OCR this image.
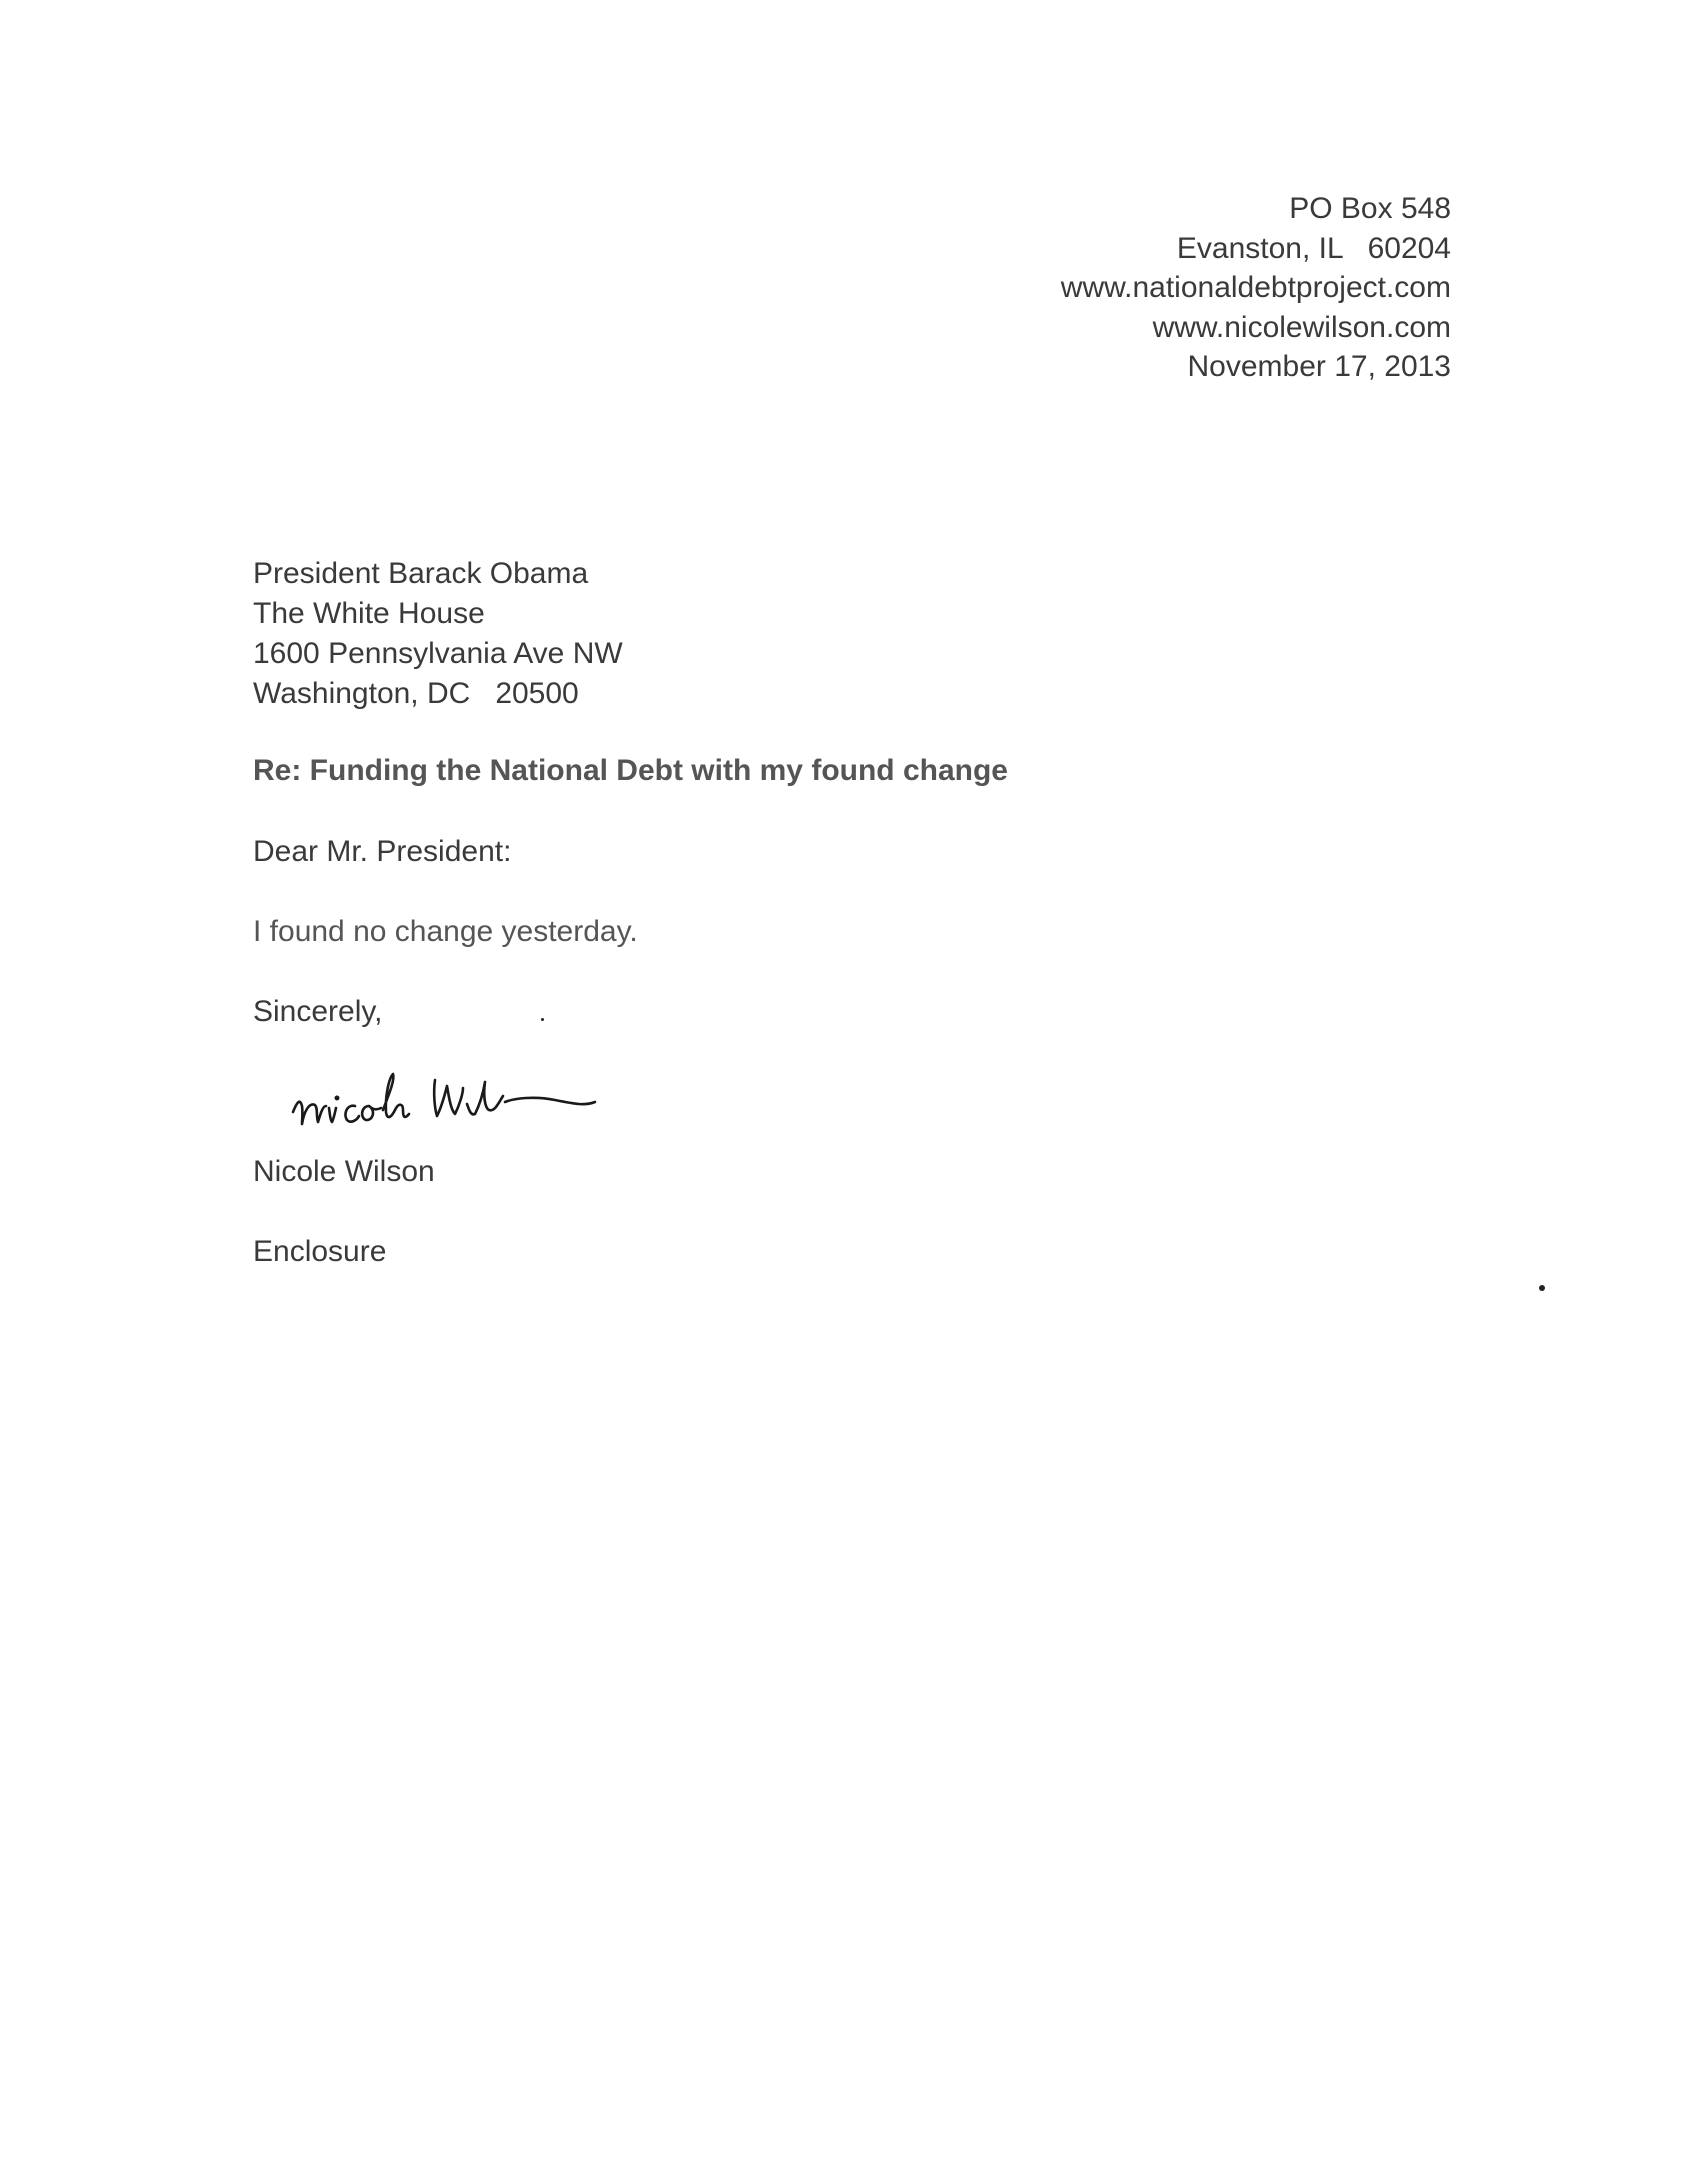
PO Box 548
Evanston, IL   60204
www.nationaldebtproject.com
www.nicolewilson.com
November 17, 2013
President Barack Obama
The White House
1600 Pennsylvania Ave NW
Washington, DC   20500
Re: Funding the National Debt with my found change
Dear Mr. President:
I found no change yesterday.
Sincerely,
Nicole Wilson
Enclosure
